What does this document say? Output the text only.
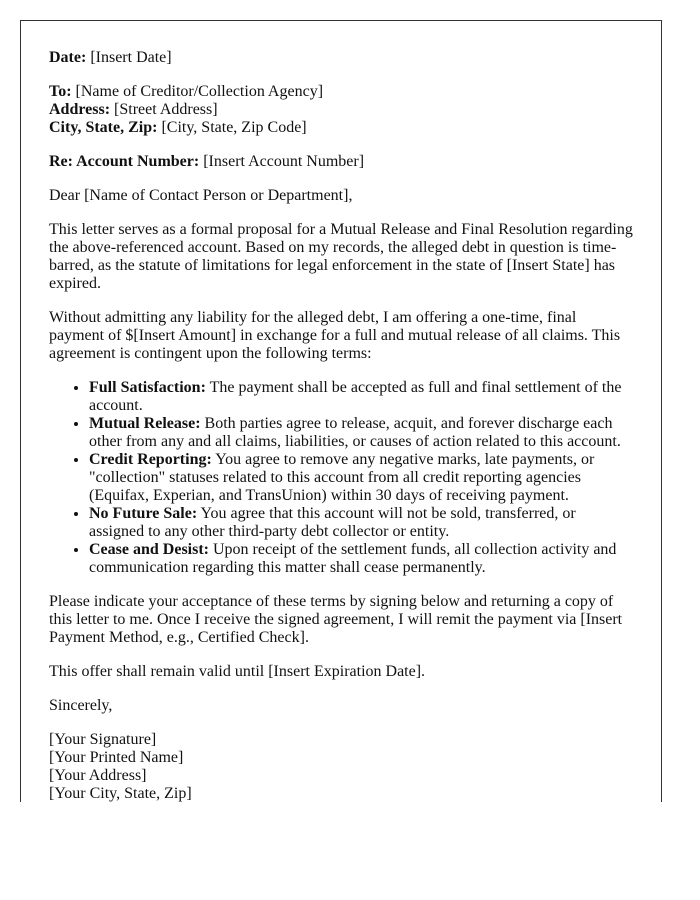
Date: [Insert Date]

To: [Name of Creditor/Collection Agency]

Address: [Street Address]

City, State, Zip: [City, State, Zip Code]

Re: Account Number: [Insert Account Number]

Dear [Name of Contact Person or Department],

This letter serves as a formal proposal for a Mutual Release and Final Resolution regarding the above-referenced account. Based on my records, the alleged debt in question is time-barred, as the statute of limitations for legal enforcement in the state of [Insert State] has expired.

Without admitting any liability for the alleged debt, I am offering a one-time, final payment of $[Insert Amount] in exchange for a full and mutual release of all claims. This agreement is contingent upon the following terms:

• Full Satisfaction: The payment shall be accepted as full and final settlement of the account.
• Mutual Release: Both parties agree to release, acquit, and forever discharge each other from any and all claims, liabilities, or causes of action related to this account.
• Credit Reporting: You agree to remove any negative marks, late payments, or "collection" statuses related to this account from all credit reporting agencies (Equifax, Experian, and TransUnion) within 30 days of receiving payment.
• No Future Sale: You agree that this account will not be sold, transferred, or assigned to any other third-party debt collector or entity.
• Cease and Desist: Upon receipt of the settlement funds, all collection activity and communication regarding this matter shall cease permanently.

Please indicate your acceptance of these terms by signing below and returning a copy of this letter to me. Once I receive the signed agreement, I will remit the payment via [Insert Payment Method, e.g., Certified Check].

This offer shall remain valid until [Insert Expiration Date].

Sincerely,

[Your Signature]

[Your Printed Name]

[Your Address]

[Your City, State, Zip]
